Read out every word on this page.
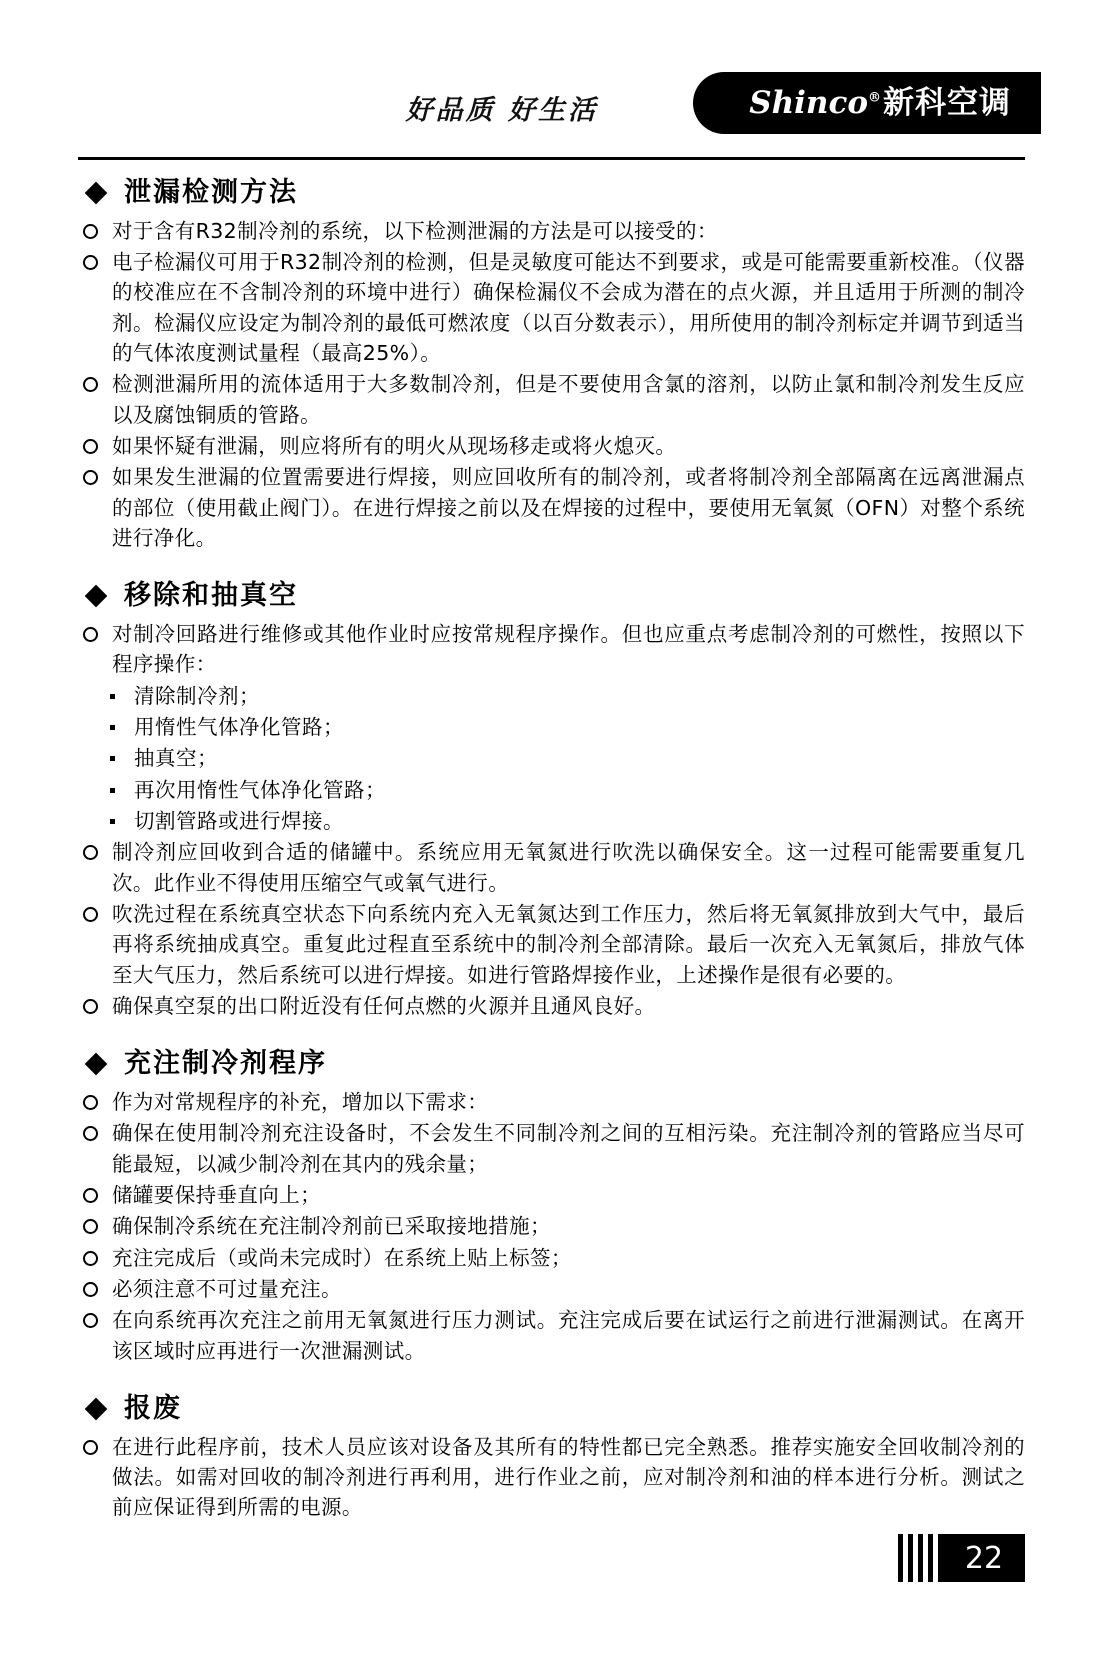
好品质 好生活	Shinco® 新科空调
泄漏检测方法
对于含有R32制冷剂的系统，以下检测泄漏的方法是可以接受的：
电子检漏仪可用于R32制冷剂的检测，但是灵敏度可能达不到要求，或是可能需要重新校准。（仪器的校准应在不含制冷剂的环境中进行）确保检漏仪不会成为潜在的点火源，并且适用于所测的制冷剂。检漏仪应设定为制冷剂的最低可燃浓度（以百分数表示），用所使用的制冷剂标定并调节到适当的气体浓度测试量程（最高25%）。
检测泄漏所用的流体适用于大多数制冷剂，但是不要使用含氯的溶剂，以防止氯和制冷剂发生反应以及腐蚀铜质的管路。
如果怀疑有泄漏，则应将所有的明火从现场移走或将火熄灭。
如果发生泄漏的位置需要进行焊接，则应回收所有的制冷剂，或者将制冷剂全部隔离在远离泄漏点的部位（使用截止阀门）。在进行焊接之前以及在焊接的过程中，要使用无氧氮（OFN）对整个系统进行净化。
移除和抽真空
对制冷回路进行维修或其他作业时应按常规程序操作。但也应重点考虑制冷剂的可燃性，按照以下程序操作：
清除制冷剂；
用惰性气体净化管路；
抽真空；
再次用惰性气体净化管路；
切割管路或进行焊接。
制冷剂应回收到合适的储罐中。系统应用无氧氮进行吹洗以确保安全。这一过程可能需要重复几次。此作业不得使用压缩空气或氧气进行。
吹洗过程在系统真空状态下向系统内充入无氧氮达到工作压力，然后将无氧氮排放到大气中，最后再将系统抽成真空。重复此过程直至系统中的制冷剂全部清除。最后一次充入无氧氮后，排放气体至大气压力，然后系统可以进行焊接。如进行管路焊接作业，上述操作是很有必要的。
确保真空泵的出口附近没有任何点燃的火源并且通风良好。
充注制冷剂程序
作为对常规程序的补充，增加以下需求：
确保在使用制冷剂充注设备时，不会发生不同制冷剂之间的互相污染。充注制冷剂的管路应当尽可能最短，以减少制冷剂在其内的残余量；
储罐要保持垂直向上；
确保制冷系统在充注制冷剂前已采取接地措施；
充注完成后（或尚未完成时）在系统上贴上标签；
必须注意不可过量充注。
在向系统再次充注之前用无氧氮进行压力测试。充注完成后要在试运行之前进行泄漏测试。在离开该区域时应再进行一次泄漏测试。
报废
在进行此程序前，技术人员应该对设备及其所有的特性都已完全熟悉。推荐实施安全回收制冷剂的做法。如需对回收的制冷剂进行再利用，进行作业之前，应对制冷剂和油的样本进行分析。测试之前应保证得到所需的电源。
22
